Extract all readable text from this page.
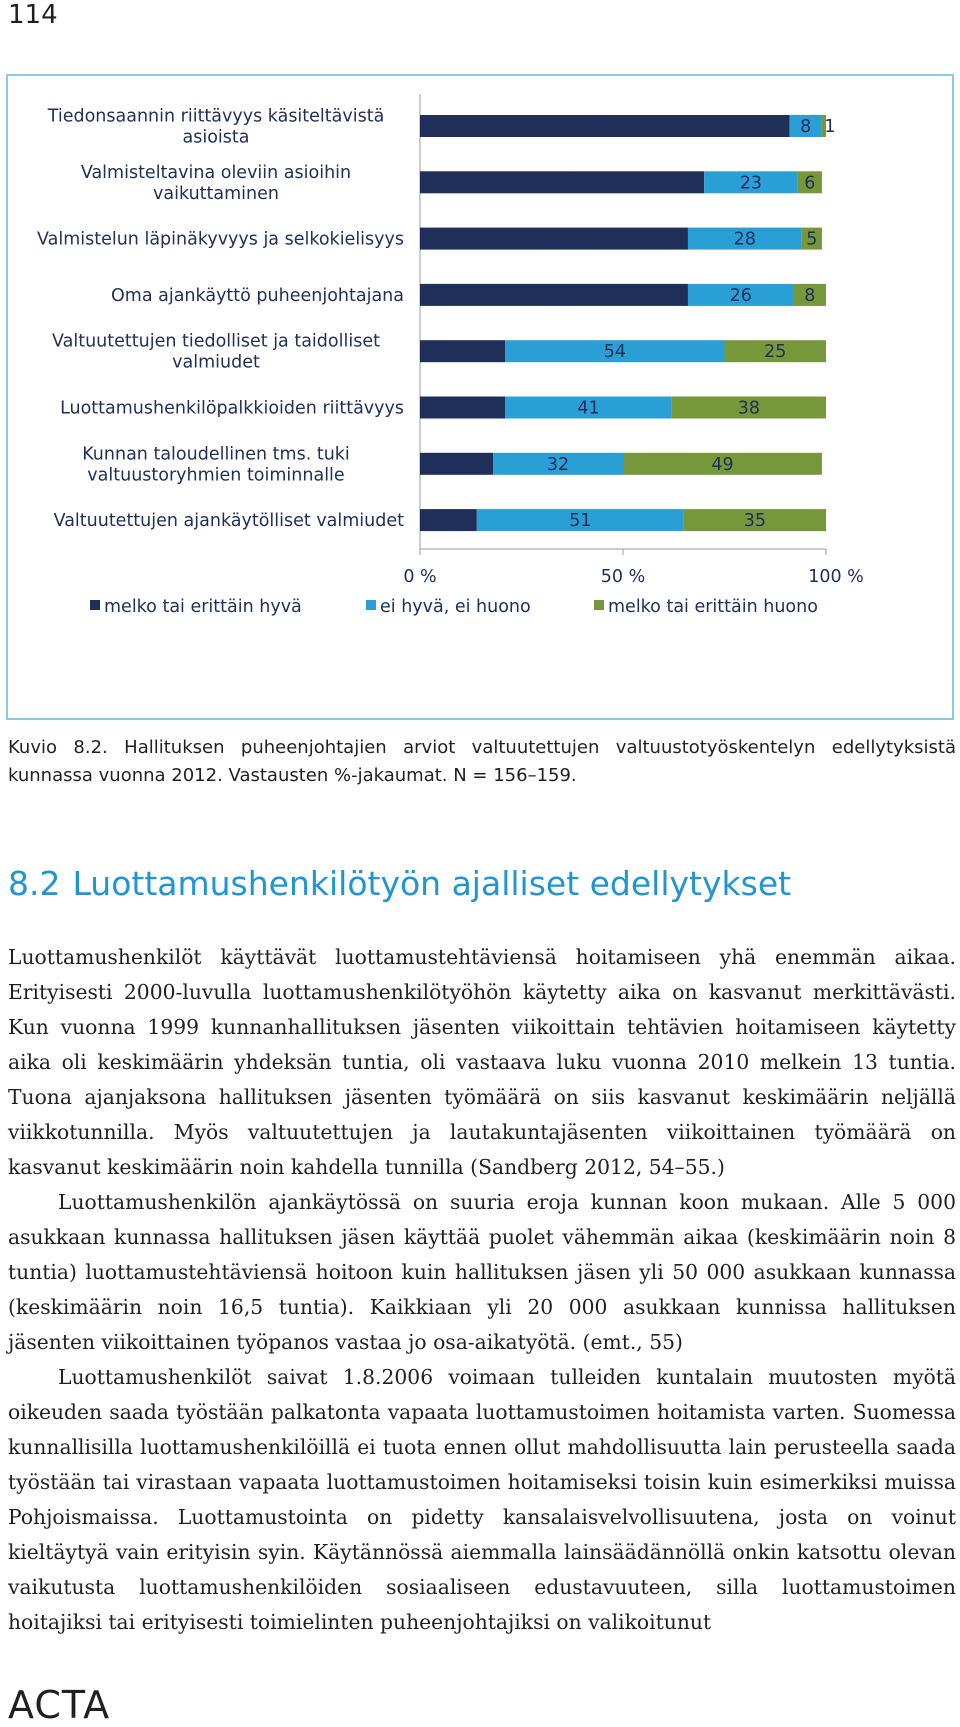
114
Tiedonsaannin riittävyys käsiteltävistä
asioista
91	8 1
Valmisteltavina oleviin asioihin
vaikuttaminen
70	23 6
Valmistelun läpinäkyvyys ja selkokielisyys	66	28	5
Oma ajankäyttö puheenjohtajana	66	26	8
Valtuutettujen tiedolliset ja taidolliset
valmiudet
21	54	25
Luottamushenkilöpalkkioiden riittävyys 21	41	38
Kunnan taloudellinen tms. tuki
valtuustoryhmien toiminnalle
18	32	49
Valtuutettujen ajankäytölliset valmiudet 14	51	35
0 %	50 %	100 %
melko tai erittäin hyvä	ei hyvä, ei huono	melko tai erittäin huono
Kuvio 8.2. Hallituksen puheenjohtajien arviot valtuutettujen valtuustotyöskentelyn edellytyksistä kunnassa vuonna 2012. Vastausten %-jakaumat. N = 156–159.
8.2 Luottamushenkilötyön ajalliset edellytykset

Luottamushenkilöt käyttävät luottamustehtäviensä hoitamiseen yhä enemmän aikaa. Erityisesti 2000-luvulla luottamushenkilötyöhön käytetty aika on kasvanut merkittävästi. Kun vuonna 1999 kunnanhallituksen jäsenten viikoittain tehtävien hoitamiseen käytetty aika oli keskimäärin yhdeksän tuntia, oli vastaava luku vuonna 2010 melkein 13 tuntia. Tuona ajanjaksona hallituksen jäsenten työmäärä on siis kasvanut keskimäärin neljällä viikkotunnilla. Myös valtuutettujen ja lautakuntajäsenten viikoittainen työmäärä on kasvanut keskimäärin noin kahdella tunnilla (Sandberg 2012, 54–55.)

Luottamushenkilön ajankäytössä on suuria eroja kunnan koon mukaan. Alle 5 000 asukkaan kunnassa hallituksen jäsen käyttää puolet vähemmän aikaa (keskimäärin noin 8 tuntia) luottamustehtäviensä hoitoon kuin hallituksen jäsen yli 50 000 asukkaan kunnassa (keskimäärin noin 16,5 tuntia). Kaikkiaan yli 20 000 asukkaan kunnissa hallituksen jäsenten viikoittainen työpanos vastaa jo osa-aikatyötä. (emt., 55)

Luottamushenkilöt saivat 1.8.2006 voimaan tulleiden kuntalain muutosten myötä oikeuden saada työstään palkatonta vapaata luottamustoimen hoitamista varten. Suomessa kunnallisilla luottamushenkilöillä ei tuota ennen ollut mahdollisuutta lain perusteella saada työstään tai virastaan vapaata luottamustoimen hoitamiseksi toisin kuin esimerkiksi muissa Pohjoismaissa. Luottamustointa on pidetty kansalaisvelvollisuutena, josta on voinut kieltäytyä vain erityisin syin. Käytännössä aiemmalla lainsäädännöllä onkin katsottu olevan vaikutusta luottamushenkilöiden sosiaaliseen edustavuuteen, silla luottamustoimen hoitajiksi tai erityisesti toimielinten puheenjohtajiksi on valikoitunut

ACTA
